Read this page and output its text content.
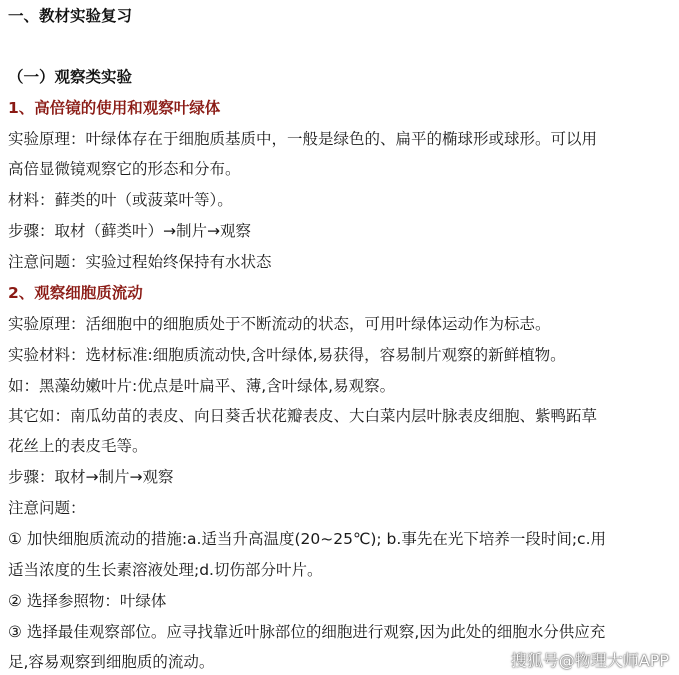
一、教材实验复习
（一）观察类实验
1、高倍镜的使用和观察叶绿体
实验原理：叶绿体存在于细胞质基质中，一般是绿色的、扁平的椭球形或球形。可以用
高倍显微镜观察它的形态和分布。
材料：藓类的叶（或菠菜叶等）。
步骤：取材（藓类叶）→制片→观察
注意问题：实验过程始终保持有水状态
2、观察细胞质流动
实验原理：活细胞中的细胞质处于不断流动的状态，可用叶绿体运动作为标志。
实验材料：选材标准:细胞质流动快,含叶绿体,易获得，容易制片观察的新鲜植物。
如：黑藻幼嫩叶片:优点是叶扁平、薄,含叶绿体,易观察。
其它如：南瓜幼苗的表皮、向日葵舌状花瓣表皮、大白菜内层叶脉表皮细胞、紫鸭跖草
花丝上的表皮毛等。
步骤：取材→制片→观察
注意问题：
① 加快细胞质流动的措施:a.适当升高温度(20~25℃); b.事先在光下培养一段时间;c.用
适当浓度的生长素溶液处理;d.切伤部分叶片。
② 选择参照物：叶绿体
③ 选择最佳观察部位。应寻找靠近叶脉部位的细胞进行观察,因为此处的细胞水分供应充
足,容易观察到细胞质的流动。	搜狐号@物理大师APP
